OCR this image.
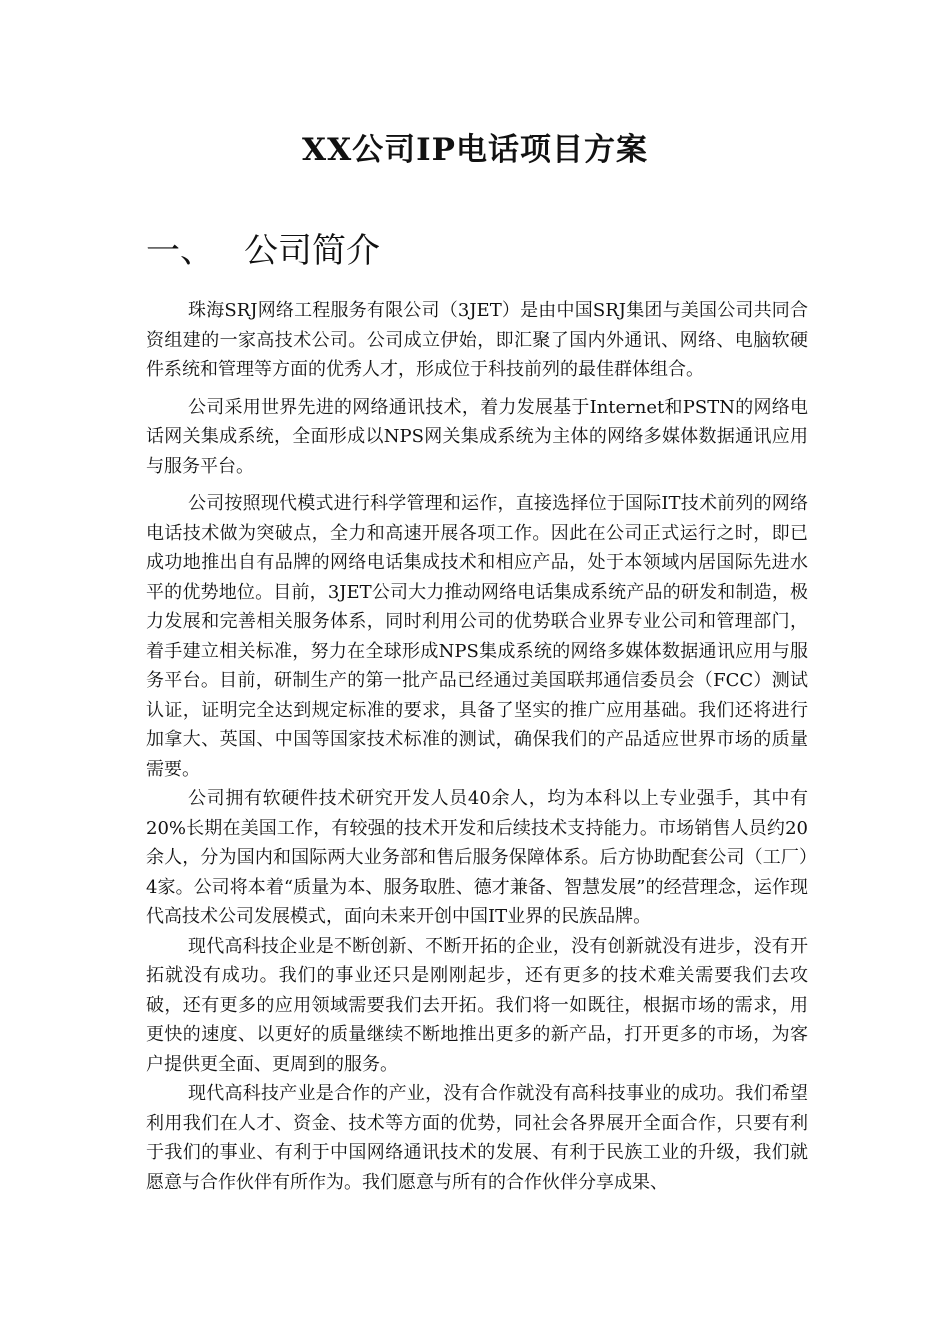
XX公司IP电话项目方案
一、 公司简介

珠海SRJ网络工程服务有限公司（3JET）是由中国SRJ集团与美国公司共同合资组建的一家高技术公司。公司成立伊始，即汇聚了国内外通讯、网络、电脑软硬件系统和管理等方面的优秀人才，形成位于科技前列的最佳群体组合。

公司采用世界先进的网络通讯技术，着力发展基于Internet和PSTN的网络电话网关集成系统，全面形成以NPS网关集成系统为主体的网络多媒体数据通讯应用与服务平台。

公司按照现代模式进行科学管理和运作，直接选择位于国际IT技术前列的网络电话技术做为突破点，全力和高速开展各项工作。因此在公司正式运行之时，即已成功地推出自有品牌的网络电话集成技术和相应产品，处于本领域内居国际先进水平的优势地位。目前，3JET公司大力推动网络电话集成系统产品的研发和制造，极力发展和完善相关服务体系，同时利用公司的优势联合业界专业公司和管理部门，着手建立相关标准，努力在全球形成NPS集成系统的网络多媒体数据通讯应用与服务平台。目前，研制生产的第一批产品已经通过美国联邦通信委员会（FCC）测试认证，证明完全达到规定标准的要求，具备了坚实的推广应用基础。我们还将进行加拿大、英国、中国等国家技术标准的测试，确保我们的产品适应世界市场的质量需要。

公司拥有软硬件技术研究开发人员40余人，均为本科以上专业强手，其中有20%长期在美国工作，有较强的技术开发和后续技术支持能力。市场销售人员约20余人，分为国内和国际两大业务部和售后服务保障体系。后方协助配套公司（工厂）4家。公司将本着“质量为本、服务取胜、德才兼备、智慧发展”的经营理念，运作现代高技术公司发展模式，面向未来开创中国IT业界的民族品牌。

现代高科技企业是不断创新、不断开拓的企业，没有创新就没有进步，没有开拓就没有成功。我们的事业还只是刚刚起步，还有更多的技术难关需要我们去攻破，还有更多的应用领域需要我们去开拓。我们将一如既往，根据市场的需求，用更快的速度、以更好的质量继续不断地推出更多的新产品，打开更多的市场，为客户提供更全面、更周到的服务。

现代高科技产业是合作的产业，没有合作就没有高科技事业的成功。我们希望利用我们在人才、资金、技术等方面的优势，同社会各界展开全面合作，只要有利于我们的事业、有利于中国网络通讯技术的发展、有利于民族工业的升级，我们就愿意与合作伙伴有所作为。我们愿意与所有的合作伙伴分享成果、
